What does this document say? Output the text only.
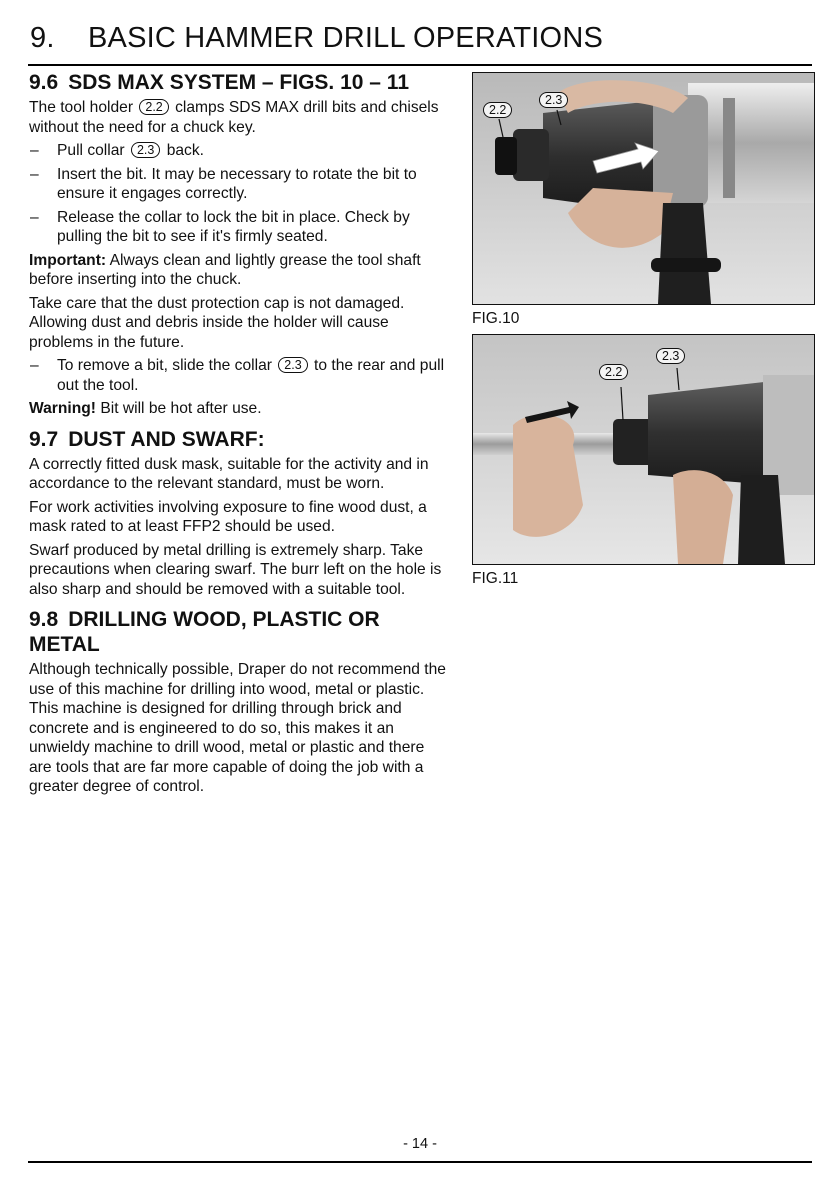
9. BASIC HAMMER DRILL OPERATIONS
9.6 SDS MAX SYSTEM – FIGS. 10 – 11

The tool holder 2.2 clamps SDS MAX drill bits and chisels without the need for a chuck key.

– Pull collar 2.3 back.
– Insert the bit. It may be necessary to rotate the bit to ensure it engages correctly.
– Release the collar to lock the bit in place. Check by pulling the bit to see if it's firmly seated.

Important: Always clean and lightly grease the tool shaft before inserting into the chuck.

Take care that the dust protection cap is not damaged. Allowing dust and debris inside the holder will cause problems in the future.

– To remove a bit, slide the collar 2.3 to the rear and pull out the tool.

Warning! Bit will be hot after use.

9.7 DUST AND SWARF:

A correctly fitted dusk mask, suitable for the activity and in accordance to the relevant standard, must be worn.

For work activities involving exposure to fine wood dust, a mask rated to at least FFP2 should be used.

Swarf produced by metal drilling is extremely sharp. Take precautions when clearing swarf. The burr left on the hole is also sharp and should be removed with a suitable tool.

9.8 DRILLING WOOD, PLASTIC OR METAL

Although technically possible, Draper do not recommend the use of this machine for drilling into wood, metal or plastic. This machine is designed for drilling through brick and concrete and is engineered to do so, this makes it an unwieldy machine to drill wood, metal or plastic and there are tools that are far more capable of doing the job with a greater degree of control.

2.2
2.3
FIG.10
2.2
2.3
FIG.11
- 14 -
